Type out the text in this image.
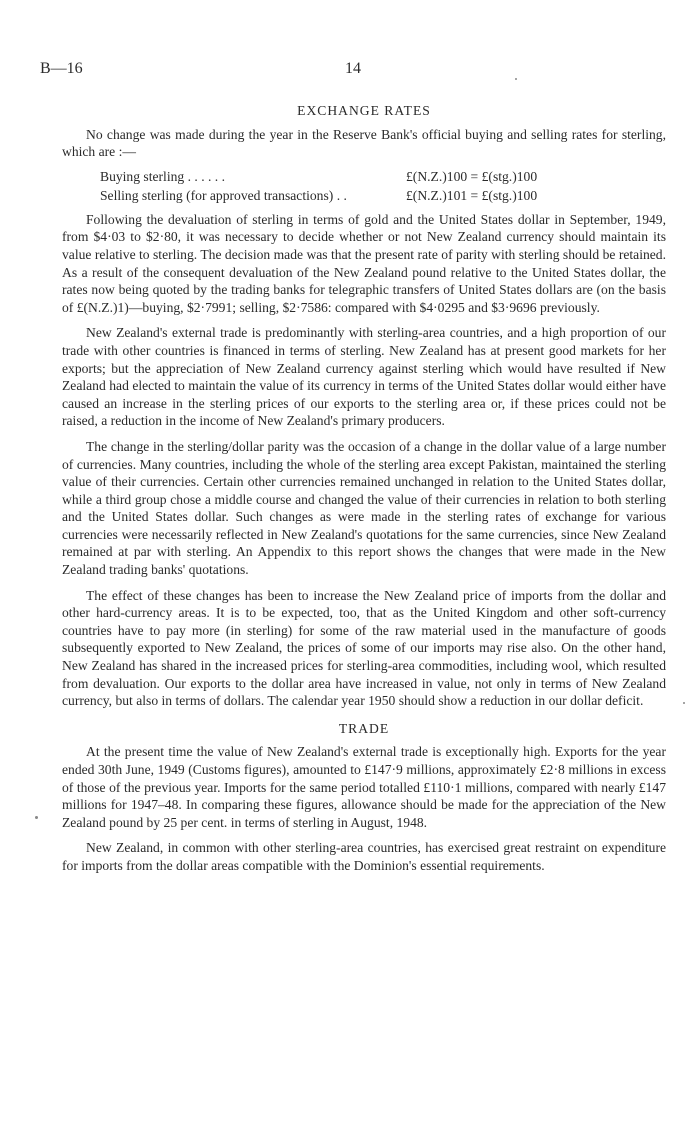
B—16	14
EXCHANGE RATES

No change was made during the year in the Reserve Bank's official buying and selling rates for sterling, which are :—

Buying sterling . . . . . .	£(N.Z.)100 = £(stg.)100
Selling sterling (for approved transactions) . .	£(N.Z.)101 = £(stg.)100

Following the devaluation of sterling in terms of gold and the United States dollar in September, 1949, from $4·03 to $2·80, it was necessary to decide whether or not New Zealand currency should maintain its value relative to sterling. The decision made was that the present rate of parity with sterling should be retained. As a result of the consequent devaluation of the New Zealand pound relative to the United States dollar, the rates now being quoted by the trading banks for telegraphic transfers of United States dollars are (on the basis of £(N.Z.)1)—buying, $2·7991; selling, $2·7586: compared with $4·0295 and $3·9696 previously.

New Zealand's external trade is predominantly with sterling-area countries, and a high proportion of our trade with other countries is financed in terms of sterling. New Zealand has at present good markets for her exports; but the appreciation of New Zealand currency against sterling which would have resulted if New Zealand had elected to maintain the value of its currency in terms of the United States dollar would either have caused an increase in the sterling prices of our exports to the sterling area or, if these prices could not be raised, a reduction in the income of New Zealand's primary producers.

The change in the sterling/dollar parity was the occasion of a change in the dollar value of a large number of currencies. Many countries, including the whole of the sterling area except Pakistan, maintained the sterling value of their currencies. Certain other currencies remained unchanged in relation to the United States dollar, while a third group chose a middle course and changed the value of their currencies in relation to both sterling and the United States dollar. Such changes as were made in the sterling rates of exchange for various currencies were necessarily reflected in New Zealand's quotations for the same currencies, since New Zealand remained at par with sterling. An Appendix to this report shows the changes that were made in the New Zealand trading banks' quotations.

The effect of these changes has been to increase the New Zealand price of imports from the dollar and other hard-currency areas. It is to be expected, too, that as the United Kingdom and other soft-currency countries have to pay more (in sterling) for some of the raw material used in the manufacture of goods subsequently exported to New Zealand, the prices of some of our imports may rise also. On the other hand, New Zealand has shared in the increased prices for sterling-area commodities, including wool, which resulted from devaluation. Our exports to the dollar area have increased in value, not only in terms of New Zealand currency, but also in terms of dollars. The calendar year 1950 should show a reduction in our dollar deficit.

TRADE

At the present time the value of New Zealand's external trade is exceptionally high. Exports for the year ended 30th June, 1949 (Customs figures), amounted to £147·9 millions, approximately £2·8 millions in excess of those of the previous year. Imports for the same period totalled £110·1 millions, compared with nearly £147 millions for 1947–48. In comparing these figures, allowance should be made for the appreciation of the New Zealand pound by 25 per cent. in terms of sterling in August, 1948.

New Zealand, in common with other sterling-area countries, has exercised great restraint on expenditure for imports from the dollar areas compatible with the Dominion's essential requirements.
